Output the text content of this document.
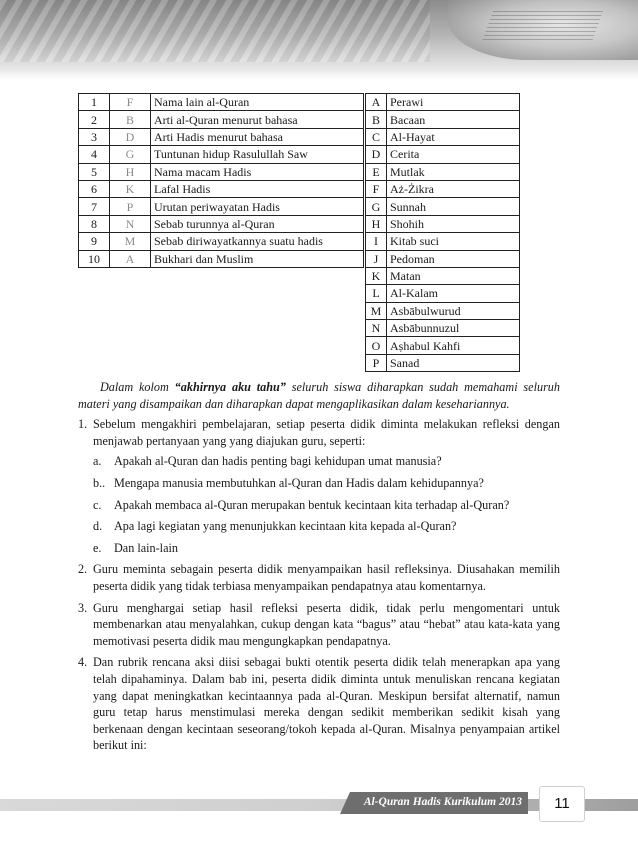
1	F	Nama lain al-Quran
2	B	Arti al-Quran menurut bahasa
3	D	Arti Hadis menurut bahasa
4	G	Tuntunan hidup Rasulullah Saw
5	H	Nama macam Hadis
6	K	Lafal Hadis
7	P	Urutan periwayatan Hadis
8	N	Sebab turunnya al-Quran
9	M	Sebab diriwayatkannya suatu hadis
10	A	Bukhari dan Muslim
A	Perawi
B	Bacaan
C	Al-Hayat
D	Cerita
E	Mutlak
F	Aż-Żikra
G	Sunnah
H	Shohih
I	Kitab suci
J	Pedoman
K	Matan
L	Al-Kalam
M	Asbābulwurud
N	Asbābunnuzul
O	Aṣhabul Kahfi
P	Sanad

Dalam kolom “akhirnya aku tahu” seluruh siswa diharapkan sudah memahami seluruh materi yang disampaikan dan diharapkan dapat mengaplikasikan dalam kesehariannya.

1. Sebelum mengakhiri pembelajaran, setiap peserta didik diminta melakukan refleksi dengan menjawab pertanyaan yang yang diajukan guru, seperti:
a. Apakah al-Quran dan hadis penting bagi kehidupan umat manusia?
b.. Mengapa manusia membutuhkan al-Quran dan Hadis dalam kehidupannya?
c. Apakah membaca al-Quran merupakan bentuk kecintaan kita terhadap al-Quran?
d. Apa lagi kegiatan yang menunjukkan kecintaan kita kepada al-Quran?
e. Dan lain-lain
2. Guru meminta sebagain peserta didik menyampaikan hasil refleksinya. Diusahakan memilih peserta didik yang tidak terbiasa menyampaikan pendapatnya atau komentarnya.
3. Guru menghargai setiap hasil refleksi peserta didik, tidak perlu mengomentari untuk membenarkan atau menyalahkan, cukup dengan kata “bagus” atau “hebat” atau kata-kata yang memotivasi peserta didik mau mengungkapkan pendapatnya.
4. Dan rubrik rencana aksi diisi sebagai bukti otentik peserta didik telah menerapkan apa yang telah dipahaminya. Dalam bab ini, peserta didik diminta untuk menuliskan rencana kegiatan yang dapat meningkatkan kecintaannya pada al-Quran. Meskipun bersifat alternatif, namun guru tetap harus menstimulasi mereka dengan sedikit memberikan sedikit kisah yang berkenaan dengan kecintaan seseorang/tokoh kepada al-Quran. Misalnya penyampaian artikel berikut ini:
Al-Quran Hadis Kurikulum 2013	11
